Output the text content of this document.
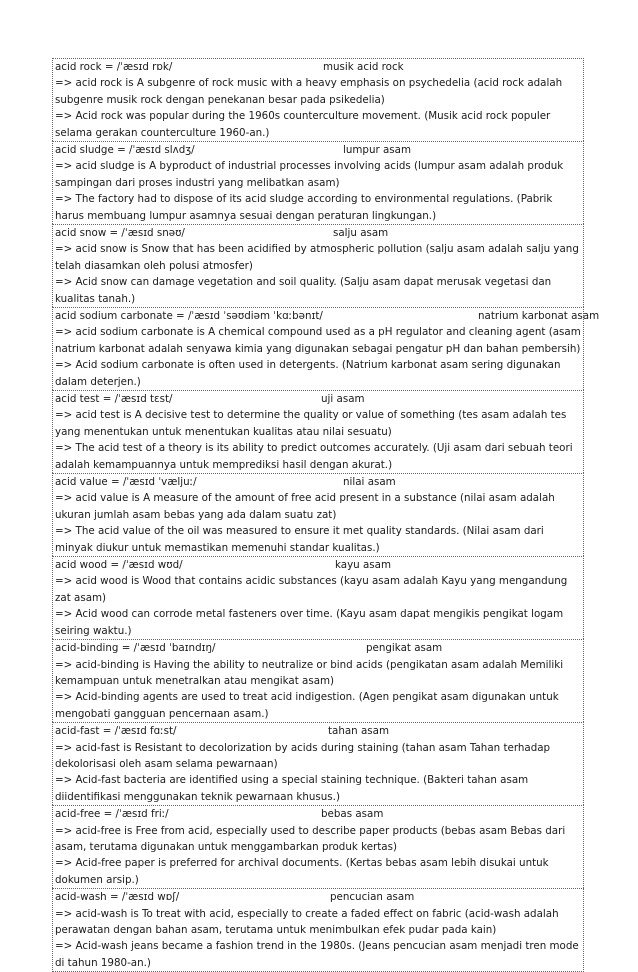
acid rock = /ˈæsɪd rɒk/	musik acid rock
=> acid rock is A subgenre of rock music with a heavy emphasis on psychedelia (acid rock adalah subgenre musik rock dengan penekanan besar pada psikedelia)
=> Acid rock was popular during the 1960s counterculture movement. (Musik acid rock populer selama gerakan counterculture 1960-an.)
acid sludge = /ˈæsɪd slʌdʒ/	lumpur asam
=> acid sludge is A byproduct of industrial processes involving acids (lumpur asam adalah produk sampingan dari proses industri yang melibatkan asam)
=> The factory had to dispose of its acid sludge according to environmental regulations. (Pabrik harus membuang lumpur asamnya sesuai dengan peraturan lingkungan.)
acid snow = /ˈæsɪd snəʊ/	salju asam
=> acid snow is Snow that has been acidified by atmospheric pollution (salju asam adalah salju yang telah diasamkan oleh polusi atmosfer)
=> Acid snow can damage vegetation and soil quality. (Salju asam dapat merusak vegetasi dan kualitas tanah.)
acid sodium carbonate = /ˈæsɪd ˈsəʊdiəm ˈkɑːbənɪt/	natrium karbonat asam
=> acid sodium carbonate is A chemical compound used as a pH regulator and cleaning agent (asam natrium karbonat adalah senyawa kimia yang digunakan sebagai pengatur pH dan bahan pembersih)
=> Acid sodium carbonate is often used in detergents. (Natrium karbonat asam sering digunakan dalam deterjen.)
acid test = /ˈæsɪd tɛst/	uji asam
=> acid test is A decisive test to determine the quality or value of something (tes asam adalah tes yang menentukan untuk menentukan kualitas atau nilai sesuatu)
=> The acid test of a theory is its ability to predict outcomes accurately. (Uji asam dari sebuah teori adalah kemampuannya untuk memprediksi hasil dengan akurat.)
acid value = /ˈæsɪd ˈvæljuː/	nilai asam
=> acid value is A measure of the amount of free acid present in a substance (nilai asam adalah ukuran jumlah asam bebas yang ada dalam suatu zat)
=> The acid value of the oil was measured to ensure it met quality standards. (Nilai asam dari minyak diukur untuk memastikan memenuhi standar kualitas.)
acid wood = /ˈæsɪd wʊd/	kayu asam
=> acid wood is Wood that contains acidic substances (kayu asam adalah Kayu yang mengandung zat asam)
=> Acid wood can corrode metal fasteners over time. (Kayu asam dapat mengikis pengikat logam seiring waktu.)
acid-binding = /ˈæsɪd ˈbaɪndɪŋ/	pengikat asam
=> acid-binding is Having the ability to neutralize or bind acids (pengikatan asam adalah Memiliki kemampuan untuk menetralkan atau mengikat asam)
=> Acid-binding agents are used to treat acid indigestion. (Agen pengikat asam digunakan untuk mengobati gangguan pencernaan asam.)
acid-fast = /ˈæsɪd fɑːst/	tahan asam
=> acid-fast is Resistant to decolorization by acids during staining (tahan asam Tahan terhadap dekolorisasi oleh asam selama pewarnaan)
=> Acid-fast bacteria are identified using a special staining technique. (Bakteri tahan asam diidentifikasi menggunakan teknik pewarnaan khusus.)
acid-free = /ˈæsɪd friː/	bebas asam
=> acid-free is Free from acid, especially used to describe paper products (bebas asam Bebas dari asam, terutama digunakan untuk menggambarkan produk kertas)
=> Acid-free paper is preferred for archival documents. (Kertas bebas asam lebih disukai untuk dokumen arsip.)
acid-wash = /ˈæsɪd wɒʃ/	pencucian asam
=> acid-wash is To treat with acid, especially to create a faded effect on fabric (acid-wash adalah perawatan dengan bahan asam, terutama untuk menimbulkan efek pudar pada kain)
=> Acid-wash jeans became a fashion trend in the 1980s. (Jeans pencucian asam menjadi tren mode di tahun 1980-an.)
